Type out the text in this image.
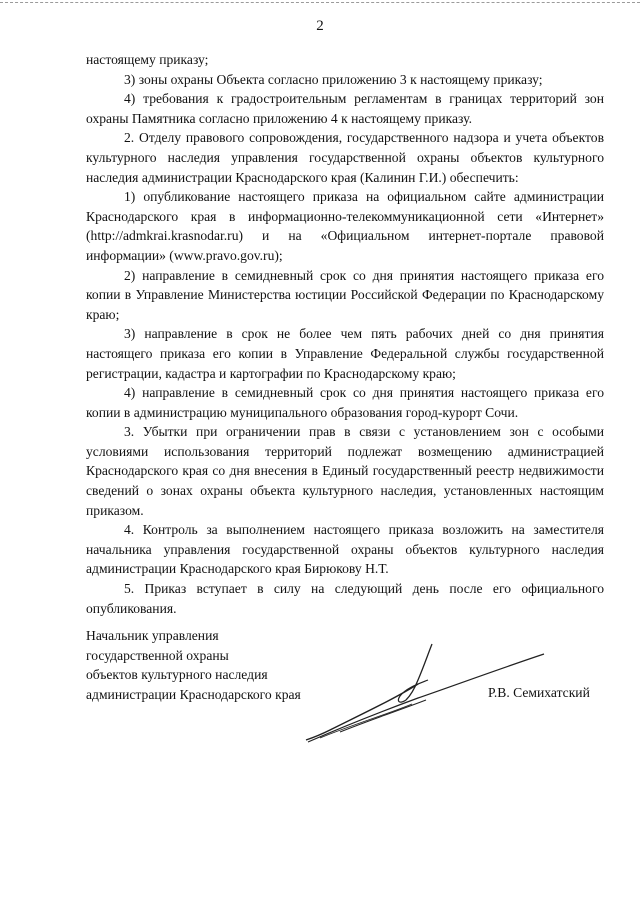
2

настоящему приказу;

3) зоны охраны Объекта согласно приложению 3 к настоящему приказу;

4) требования к градостроительным регламентам в границах территорий зон охраны Памятника согласно приложению 4 к настоящему приказу.

2. Отделу правового сопровождения, государственного надзора и учета объектов культурного наследия управления государственной охраны объектов культурного наследия администрации Краснодарского края (Калинин Г.И.) обеспечить:

1) опубликование настоящего приказа на официальном сайте администрации Краснодарского края в информационно-телекоммуникационной сети «Интернет» (http://admkrai.krasnodar.ru) и на «Официальном интернет-портале правовой информации» (www.pravo.gov.ru);

2) направление в семидневный срок со дня принятия настоящего приказа его копии в Управление Министерства юстиции Российской Федерации по Краснодарскому краю;

3) направление в срок не более чем пять рабочих дней со дня принятия настоящего приказа его копии в Управление Федеральной службы государственной регистрации, кадастра и картографии по Краснодарскому краю;

4) направление в семидневный срок со дня принятия настоящего приказа его копии в администрацию муниципального образования город-курорт Сочи.

3. Убытки при ограничении прав в связи с установлением зон с особыми условиями использования территорий подлежат возмещению администрацией Краснодарского края со дня внесения в Единый государственный реестр недвижимости сведений о зонах охраны объекта культурного наследия, установленных настоящим приказом.

4. Контроль за выполнением настоящего приказа возложить на заместителя начальника управления государственной охраны объектов культурного наследия администрации Краснодарского края Бирюкову Н.Т.

5. Приказ вступает в силу на следующий день после его официального опубликования.

Начальник управления
государственной охраны
объектов культурного наследия
администрации Краснодарского края	Р.В. Семихатский
